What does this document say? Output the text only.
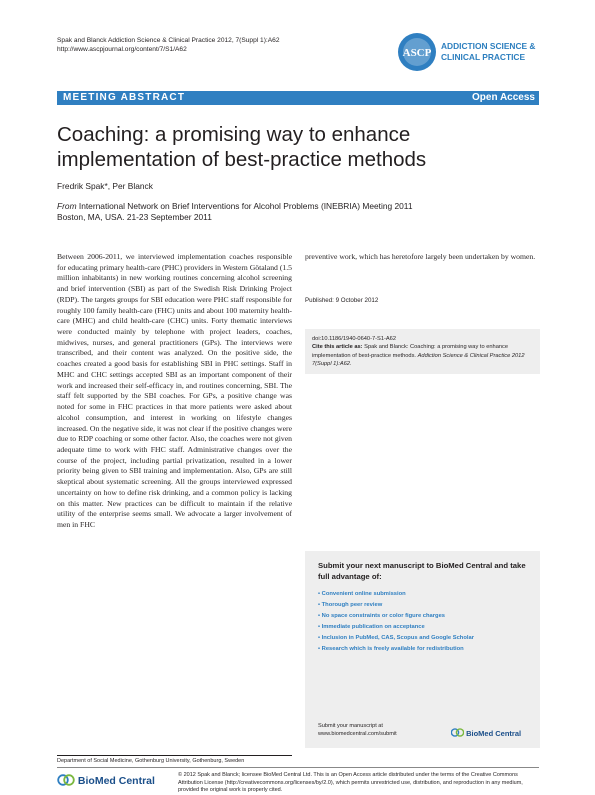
Spak and Blanck Addiction Science & Clinical Practice 2012, 7(Suppl 1):A62
http://www.ascpjournal.org/content/7/S1/A62	ASCP
ADDICTION SCIENCE &
CLINICAL PRACTICE
MEETING ABSTRACT	Open Access
Coaching: a promising way to enhance
implementation of best-practice methods
Fredrik Spak*, Per Blanck
From International Network on Brief Interventions for Alcohol Problems (INEBRIA) Meeting 2011
Boston, MA, USA. 21-23 September 2011
Between 2006-2011, we interviewed implementation coaches responsible for educating primary health-care (PHC) providers in Western Götaland (1.5 million inhabitants) in new working routines concerning alcohol screening and brief intervention (SBI) as part of the Swedish Risk Drinking Project (RDP). The targets groups for SBI education were PHC staff responsible for roughly 100 family health-care (FHC) units and about 100 maternity health-care (MHC) and child health-care (CHC) units. Forty thematic interviews were conducted mainly by telephone with project leaders, coaches, midwives, nurses, and general practitioners (GPs). The interviews were transcribed, and their content was analyzed. On the positive side, the coaches created a good basis for establishing SBI in PHC settings. Staff in MHC and CHC settings accepted SBI as an important component of their work and increased their self-efficacy in, and routines concerning, SBI. The staff felt supported by the SBI coaches. For GPs, a positive change was noted for some in FHC practices in that more patients were asked about alcohol consumption, and interest in working on lifestyle changes increased. On the negative side, it was not clear if the positive changes were due to RDP coaching or some other factor. Also, the coaches were not given adequate time to work with FHC staff. Administrative changes over the course of the project, including partial privatization, resulted in a lower priority being given to SBI training and implementation. Also, GPs are still skeptical about systematic screening. All the groups interviewed expressed uncertainty on how to define risk drinking, and a common policy is lacking on this matter. New practices can be difficult to maintain if the relative utility of the enterprise seems small. We advocate a larger involvement of men in FHC
preventive work, which has heretofore largely been undertaken by women.
Published: 9 October 2012
doi:10.1186/1940-0640-7-S1-A62
Cite this article as: Spak and Blanck: Coaching: a promising way to enhance implementation of best-practice methods. Addiction Science & Clinical Practice 2012 7(Suppl 1):A62.
Submit your next manuscript to BioMed Central and take full advantage of:
• Convenient online submission
• Thorough peer review
• No space constraints or color figure charges
• Immediate publication on acceptance
• Inclusion in PubMed, CAS, Scopus and Google Scholar
• Research which is freely available for redistribution
Submit your manuscript at
www.biomedcentral.com/submit	BioMed Central
Department of Social Medicine, Gothenburg University, Gothenburg, Sweden
BioMed Central	© 2012 Spak and Blanck; licensee BioMed Central Ltd. This is an Open Access article distributed under the terms of the Creative Commons Attribution License (http://creativecommons.org/licenses/by/2.0), which permits unrestricted use, distribution, and reproduction in any medium, provided the original work is properly cited.
